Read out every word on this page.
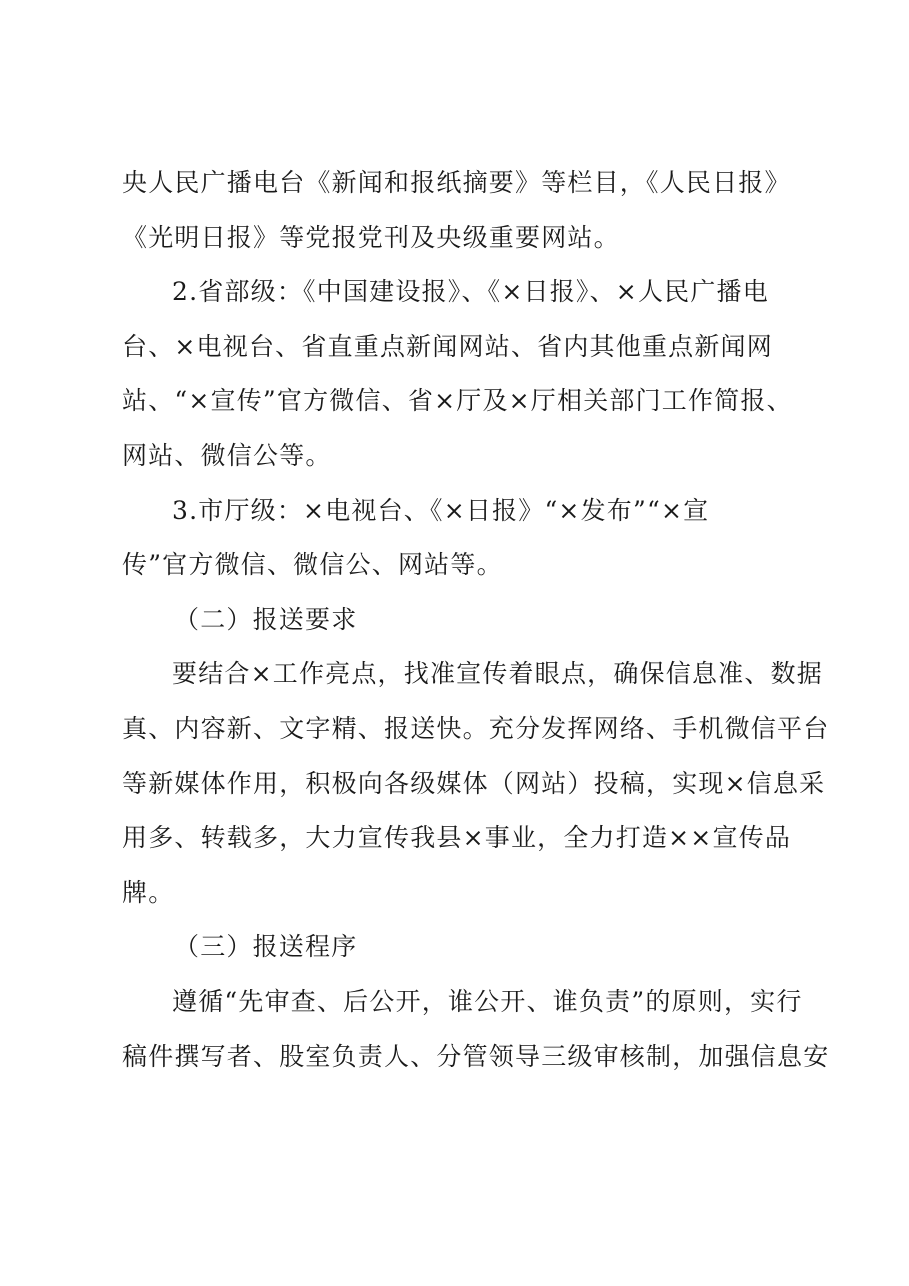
央人民广播电台《新闻和报纸摘要》等栏目，《人民日报》
《光明日报》等党报党刊及央级重要网站。
2.省部级：《中国建设报》、《×日报》、×人民广播电
台、×电视台、省直重点新闻网站、省内其他重点新闻网
站、“×宣传”官方微信、省×厅及×厅相关部门工作简报、
网站、微信公等。
3.市厅级：×电视台、《×日报》“×发布”“×宣
传”官方微信、微信公、网站等。
（二）报送要求
要结合×工作亮点，找准宣传着眼点，确保信息准、数据
真、内容新、文字精、报送快。充分发挥网络、手机微信平台
等新媒体作用，积极向各级媒体（网站）投稿，实现×信息采
用多、转载多，大力宣传我县×事业，全力打造××宣传品
牌。
（三）报送程序
遵循“先审查、后公开，谁公开、谁负责”的原则，实行
稿件撰写者、股室负责人、分管领导三级审核制，加强信息安
